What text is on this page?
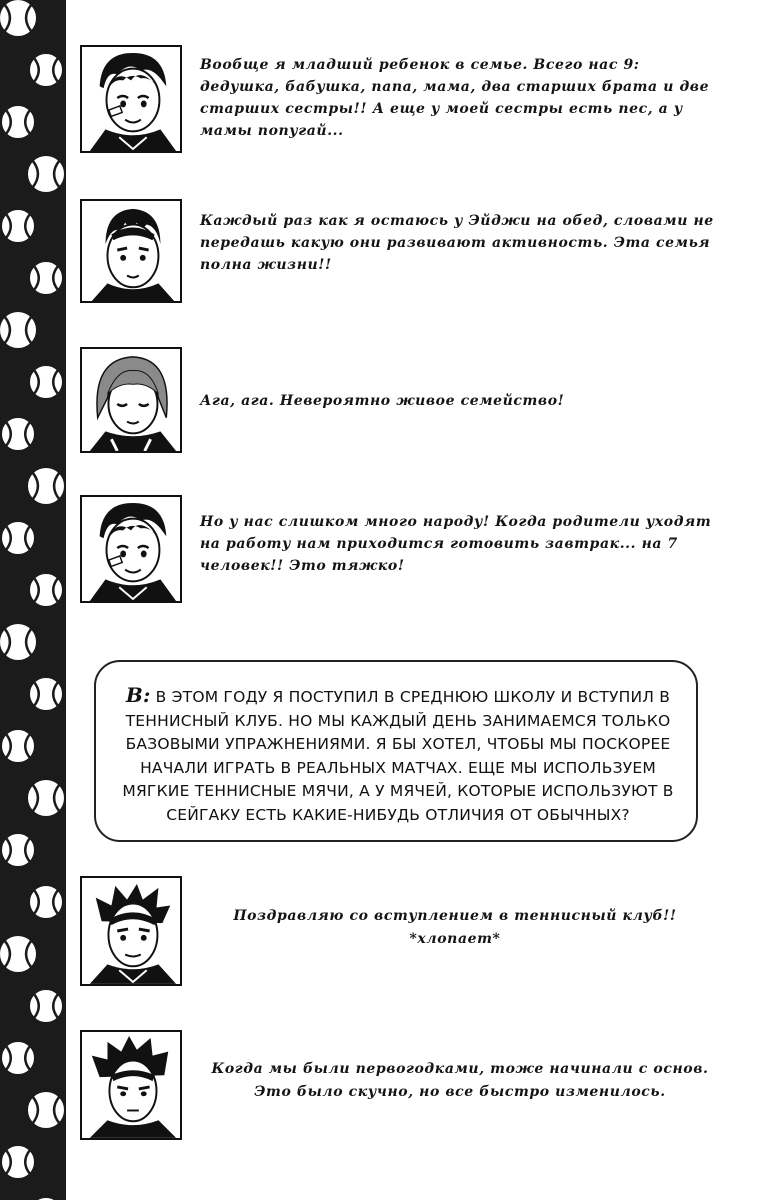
Вообще я младший ребенок в семье. Всего нас 9: дедушка, бабушка, папа, мама, два старших брата и две старших сестры!! А еще у моей сестры есть пес, а у мамы попугай...

Каждый раз как я остаюсь у Эйджи на обед, словами не передашь какую они развивают активность. Эта семья полна жизни!!

Ага, ага. Невероятно живое семейство!

Но у нас слишком много народу! Когда родители уходят на работу нам приходится готовить завтрак... на 7 человек!! Это тяжко!

В: В ЭТОМ ГОДУ Я ПОСТУПИЛ В СРЕДНЮЮ ШКОЛУ И ВСТУПИЛ В ТЕННИСНЫЙ КЛУБ. НО МЫ КАЖДЫЙ ДЕНЬ ЗАНИМАЕМСЯ ТОЛЬКО БАЗОВЫМИ УПРАЖНЕНИЯМИ. Я БЫ ХОТЕЛ, ЧТОБЫ МЫ ПОСКОРЕЕ НАЧАЛИ ИГРАТЬ В РЕАЛЬНЫХ МАТЧАХ. ЕЩЕ МЫ ИСПОЛЬЗУЕМ МЯГКИЕ ТЕННИСНЫЕ МЯЧИ, А У МЯЧЕЙ, КОТОРЫЕ ИСПОЛЬЗУЮТ В СЕЙГАКУ ЕСТЬ КАКИЕ-НИБУДЬ ОТЛИЧИЯ ОТ ОБЫЧНЫХ?

Поздравляю со вступлением в теннисный клуб!!

*хлопает*

Когда мы были первогодками, тоже начинали с основ.

Это было скучно, но все быстро изменилось.
